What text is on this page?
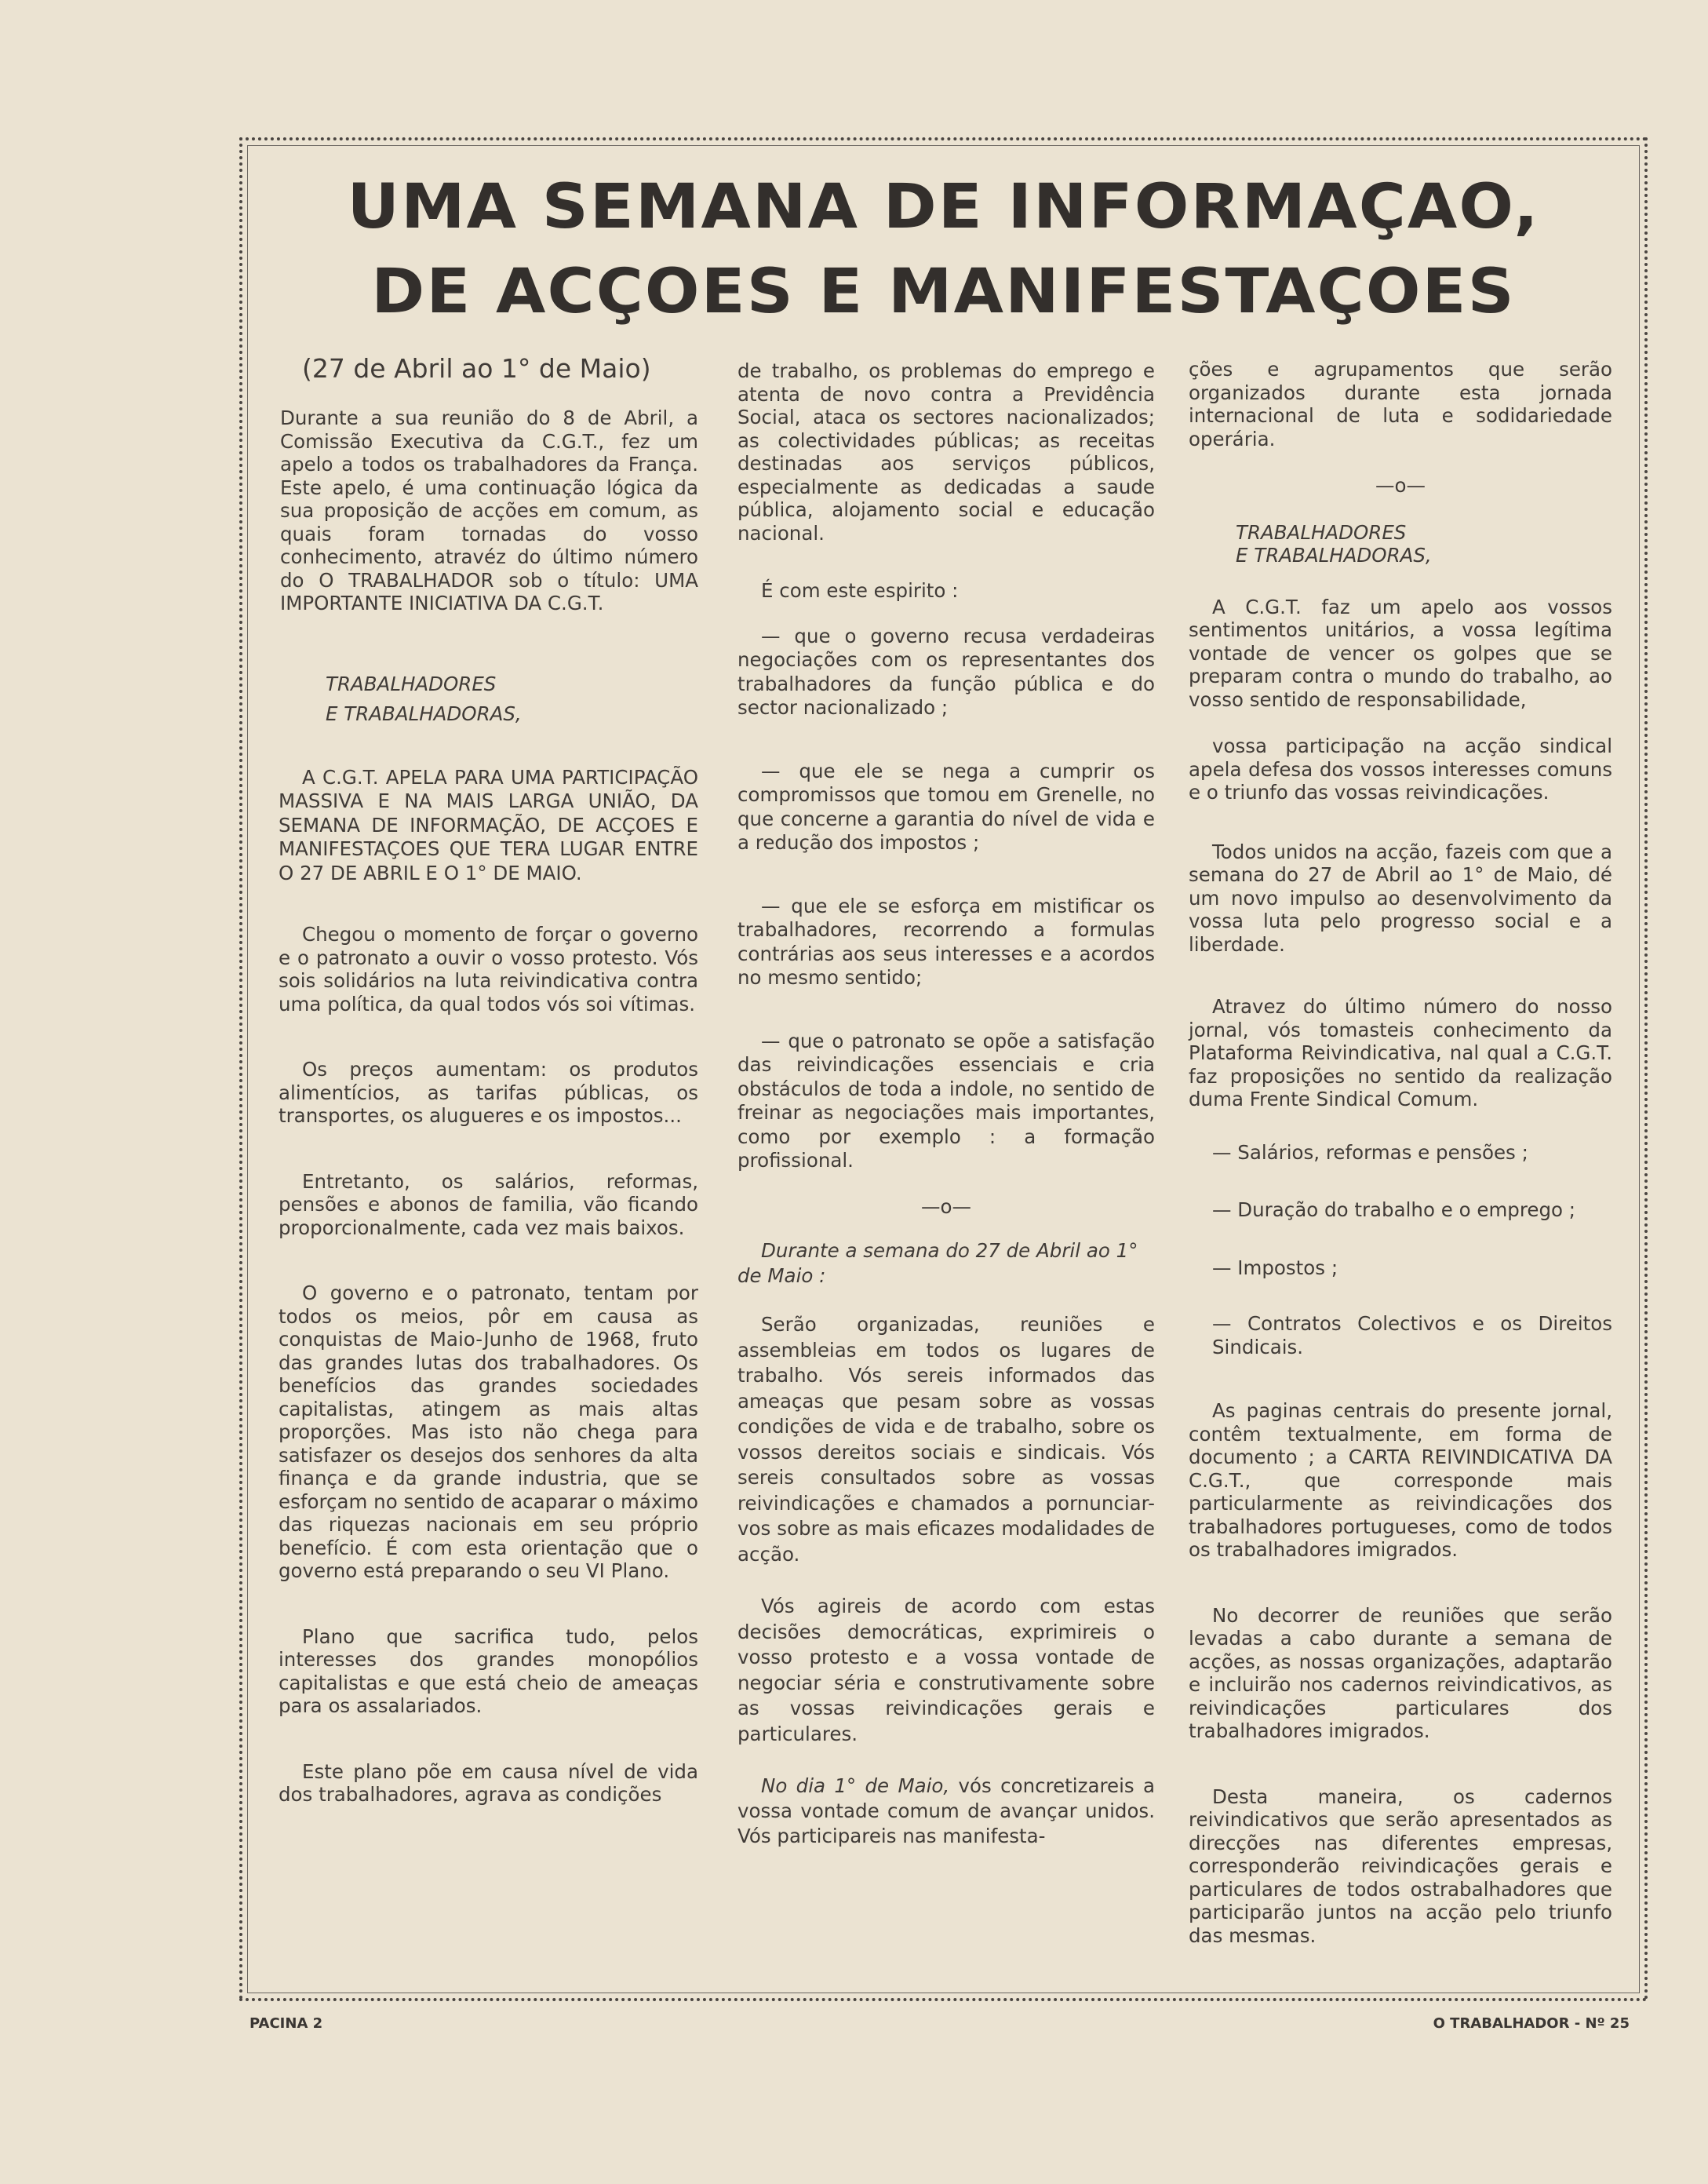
UMA SEMANA DE INFORMAÇAO,
DE ACÇOES E MANIFESTAÇOES

(27 de Abril ao 1° de Maio)

Durante a sua reunião do 8 de Abril, a Comissão Executiva da C.G.T., fez um apelo a todos os trabalhadores da França. Este apelo, é uma continuação lógica da sua proposição de acções em comum, as quais foram tornadas do vosso conhecimento, atravéz do último número do O TRABALHADOR sob o título: UMA IMPORTANTE INICIATIVA DA C.G.T.

TRABALHADORES

E TRABALHADORAS,

A C.G.T. APELA PARA UMA PARTICIPAÇÃO MASSIVA E NA MAIS LARGA UNIÃO, DA SEMANA DE INFORMAÇÃO, DE ACÇOES E MANIFESTAÇOES QUE TERA LUGAR ENTRE O 27 DE ABRIL E O 1° DE MAIO.

Chegou o momento de forçar o governo e o patronato a ouvir o vosso protesto. Vós sois solidários na luta reivindicativa contra uma política, da qual todos vós soi vítimas.

Os preços aumentam: os produtos alimentícios, as tarifas públicas, os transportes, os alugueres e os impostos...

Entretanto, os salários, reformas, pensões e abonos de familia, vão ficando proporcionalmente, cada vez mais baixos.

O governo e o patronato, tentam por todos os meios, pôr em causa as conquistas de Maio-Junho de 1968, fruto das grandes lutas dos trabalhadores. Os benefícios das grandes sociedades capitalistas, atingem as mais altas proporções. Mas isto não chega para satisfazer os desejos dos senhores da alta finança e da grande industria, que se esforçam no sentido de acaparar o máximo das riquezas nacionais em seu próprio benefício. É com esta orientação que o governo está preparando o seu VI Plano.

Plano que sacrifica tudo, pelos interesses dos grandes monopólios capitalistas e que está cheio de ameaças para os assalariados.

Este plano põe em causa nível de vida dos trabalhadores, agrava as condições

de trabalho, os problemas do emprego e atenta de novo contra a Previdência Social, ataca os sectores nacionalizados; as colectividades públicas; as receitas destinadas aos serviços públicos, especialmente as dedicadas a saude pública, alojamento social e educação nacional.

É com este espirito :

— que o governo recusa verdadeiras negociações com os representantes dos trabalhadores da função pública e do sector nacionalizado ;

— que ele se nega a cumprir os compromissos que tomou em Grenelle, no que concerne a garantia do nível de vida e a redução dos impostos ;

— que ele se esforça em mistificar os trabalhadores, recorrendo a formulas contrárias aos seus interesses e a acordos no mesmo sentido;

— que o patronato se opõe a satisfação das reivindicações essenciais e cria obstáculos de toda a indole, no sentido de freinar as negociações mais importantes, como por exemplo : a formação profissional.

—o—

Durante a semana do 27 de Abril ao 1° de Maio :

Serão organizadas, reuniões e assembleias em todos os lugares de trabalho. Vós sereis informados das ameaças que pesam sobre as vossas condições de vida e de trabalho, sobre os vossos dereitos sociais e sindicais. Vós sereis consultados sobre as vossas reivindicações e chamados a pornunciar-vos sobre as mais eficazes modalidades de acção.

Vós agireis de acordo com estas decisões democráticas, exprimireis o vosso protesto e a vossa vontade de negociar séria e construtivamente sobre as vossas reivindicações gerais e particulares.

No dia 1° de Maio, vós concretizareis a vossa vontade comum de avançar unidos. Vós participareis nas manifesta-

ções e agrupamentos que serão organizados durante esta jornada internacional de luta e sodidariedade operária.

—o—

TRABALHADORES

E TRABALHADORAS,

A C.G.T. faz um apelo aos vossos sentimentos unitários, a vossa legítima vontade de vencer os golpes que se preparam contra o mundo do trabalho, ao vosso sentido de responsabilidade,

vossa participação na acção sindical apela defesa dos vossos interesses comuns e o triunfo das vossas reivindicações.

Todos unidos na acção, fazeis com que a semana do 27 de Abril ao 1° de Maio, dé um novo impulso ao desenvolvimento da vossa luta pelo progresso social e a liberdade.

Atravez do último número do nosso jornal, vós tomasteis conhecimento da Plataforma Reivindicativa, nal qual a C.G.T. faz proposições no sentido da realização duma Frente Sindical Comum.

— Salários, reformas e pensões ;

— Duração do trabalho e o emprego ;

— Impostos ;

— Contratos Colectivos e os Direitos Sindicais.

As paginas centrais do presente jornal, contêm textualmente, em forma de documento ; a CARTA REIVINDICATIVA DA C.G.T., que corresponde mais particularmente as reivindicações dos trabalhadores portugueses, como de todos os trabalhadores imigrados.

No decorrer de reuniões que serão levadas a cabo durante a semana de acções, as nossas organizações, adaptarão e incluirão nos cadernos reivindicativos, as reivindicações particulares dos trabalhadores imigrados.

Desta maneira, os cadernos reivindicativos que serão apresentados as direcções nas diferentes empresas, corresponderão reivindicações gerais e particulares de todos ostrabalhadores que participarão juntos na acção pelo triunfo das mesmas.

PACINA 2	O TRABALHADOR - Nº 25
